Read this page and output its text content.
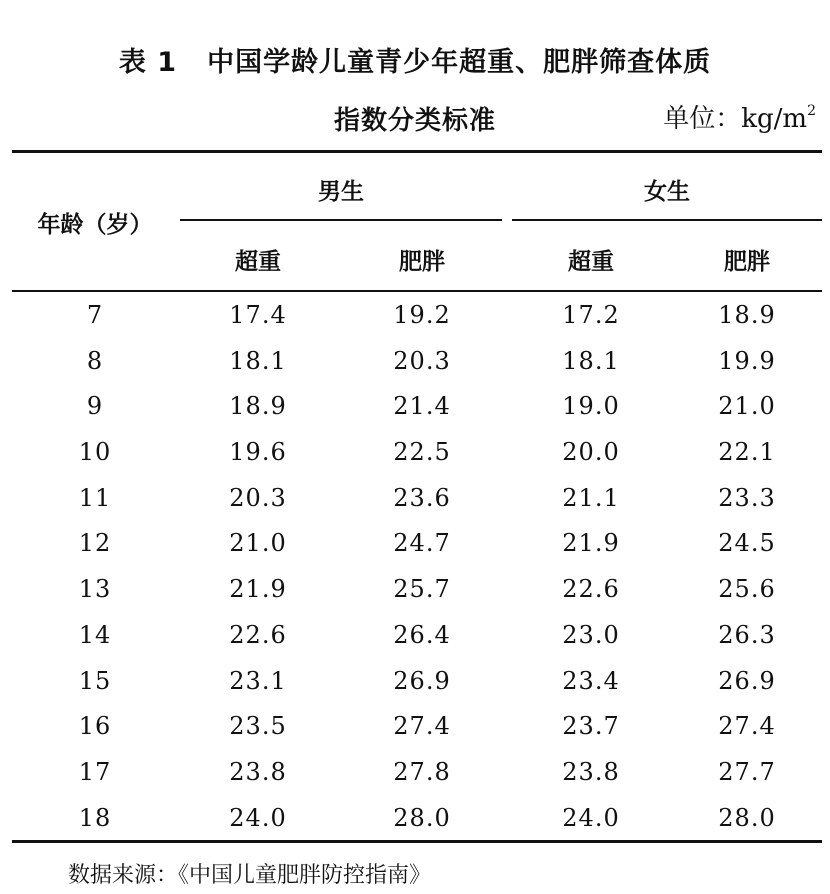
表 1 中国学龄儿童青少年超重、肥胖筛查体质
指数分类标准	单位：$kg/m^2$
年龄（岁）
男生	女生
超重	肥胖	超重	肥胖
7	17.4	19.2	17.2	18.9
8	18.1	20.3	18.1	19.9
9	18.9	21.4	19.0	21.0
10	19.6	22.5	20.0	22.1
11	20.3	23.6	21.1	23.3
12	21.0	24.7	21.9	24.5
13	21.9	25.7	22.6	25.6
14	22.6	26.4	23.0	26.3
15	23.1	26.9	23.4	26.9
16	23.5	27.4	23.7	27.4
17	23.8	27.8	23.8	27.7
18	24.0	28.0	24.0	28.0
数据来源：《中国儿童肥胖防控指南》
